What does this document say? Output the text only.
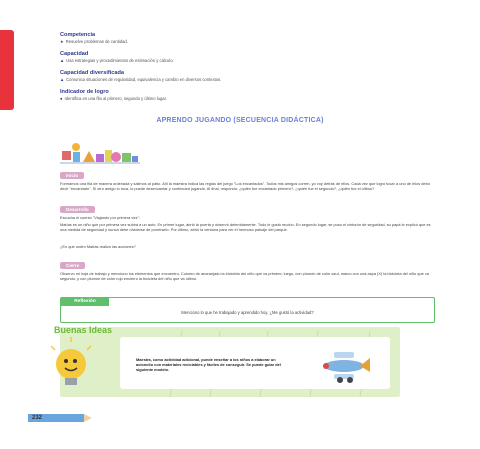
Competencia
★ Resuelve problemas de cantidad.
Capacidad
▲ Usa estrategias y procedimientos de estimación y cálculo.
Capacidad diversificada
▲ Comunica situaciones de regularidad, equivalencia y cambio en diversos contextos.
Indicador de logro
● Identifica en una fila al primero, segundo y último lugar.
APRENDO JUGANDO (SECUENCIA DIDÁCTICA)
Inicio
Formamos una fila de manera ordenada y salimos al patio. Allí la maestra indica las reglas del juego "Los encantados". Todos mis amigos corren, yo voy detrás de ellos. Cada vez que logro tocar a uno de ellos debo decir "encantado". Si otro amigo lo toca, lo puede desencantar y continuará jugando. Al final, respondo: ¿quién fue encantado primero?, ¿quién fue el segundo?, ¿quién fue el último?
Desarrollo
Escucha el cuento "Viajando por primera vez":
Matías es un niño que por primera vez subirá a un auto. En primer lugar, abrió la puerta y observó detenidamente. Todo le gustó mucho. En segundo lugar, se puso el cinturón de seguridad, su papá le explicó que es una medida de seguridad y nunca debe olvidarse de ponérselo. Por último, abrió la ventana para ver el hermoso paisaje del parque.
¿En qué orden Matías realizó las acciones?
Cierre
Observo mi hoja de trabajo y menciono los elementos que encuentro. Coloreo de anaranjado la bicicleta del niño que va primero; luego, con plumón de color azul, marco con una aspa (X) la bicicleta del niño que va segundo, y con plumón de color rojo encierro la bicicleta del niño que va último.
Reflexión
Menciono lo que he trabajado y aprendido hoy. ¿Me gustó la actividad?
Buenas Ideas
Maestra, como actividad adicional, puede enseñar a los niños a elaborar un avioncito con materiales reciclables y fáciles de conseguir. Se puede guiar del siguiente modelo.
232
